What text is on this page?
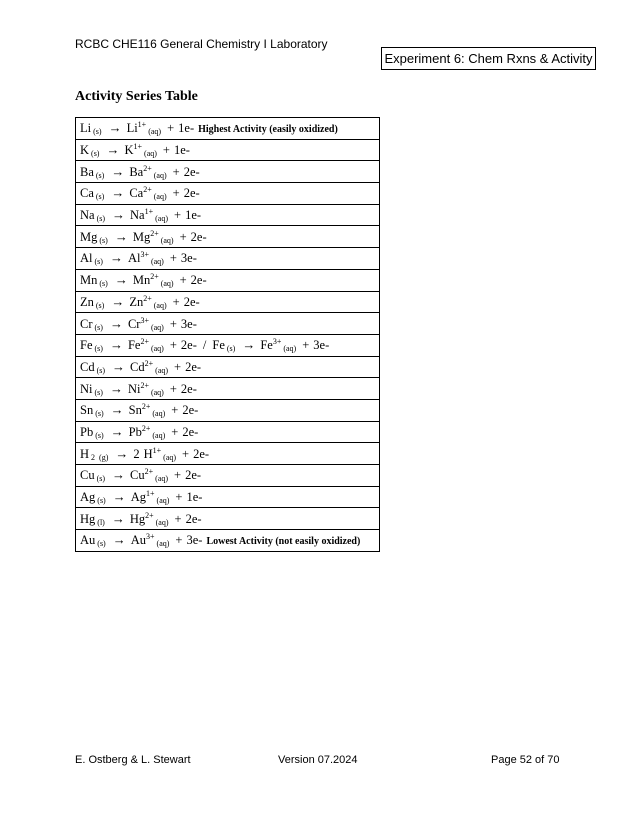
RCBC CHE116 General Chemistry I Laboratory
Experiment 6: Chem Rxns & Activity
Activity Series Table
Li $_{(s)} \to Li^{1+}_{(aq)} + 1e-$ Highest Activity (easily oxidized)
K $_{(s)} \to K^{1+}_{(aq)} + 1e-$
Ba $_{(s)} \to Ba^{2+}_{(aq)} + 2e-$
Ca $_{(s)} \to Ca^{2+}_{(aq)} + 2e-$
Na $_{(s)} \to Na^{1+}_{(aq)} + 1e-$
Mg $_{(s)} \to Mg^{2+}_{(aq)} + 2e-$
Al $_{(s)} \to Al^{3+}_{(aq)} + 3e-$
Mn $_{(s)} \to Mn^{2+}_{(aq)} + 2e-$
Zn $_{(s)} \to Zn^{2+}_{(aq)} + 2e-$
Cr $_{(s)} \to Cr^{3+}_{(aq)} + 3e-$
Fe $_{(s)} \to Fe^{2+}_{(aq)} + 2e- / Fe$ $_{(s)} \to Fe^{3+}_{(aq)} + 3e-$
Cd $_{(s)} \to Cd^{2+}_{(aq)} + 2e-$
Ni $_{(s)} \to Ni^{2+}_{(aq)} + 2e-$
Sn $_{(s)} \to Sn^{2+}_{(aq)} + 2e-$
Pb $_{(s)} \to Pb^{2+}_{(aq)} + 2e-$
H $_2$ $_{(g)}$ → 2 $H^{1+}_{(aq)} + 2e-$
Cu $_{(s)} \to Cu^{2+}_{(aq)} + 2e-$
Ag $_{(s)} \to Ag^{1+}_{(aq)} + 1e-$
Hg $_{(l)} \to Hg^{2+}_{(aq)} + 2e-$
Au $_{(s)} \to Au^{3+}_{(aq)} + 3e-$ Lowest Activity (not easily oxidized)
E. Ostberg & L. Stewart	Version 07.2024	Page 52 of 70
